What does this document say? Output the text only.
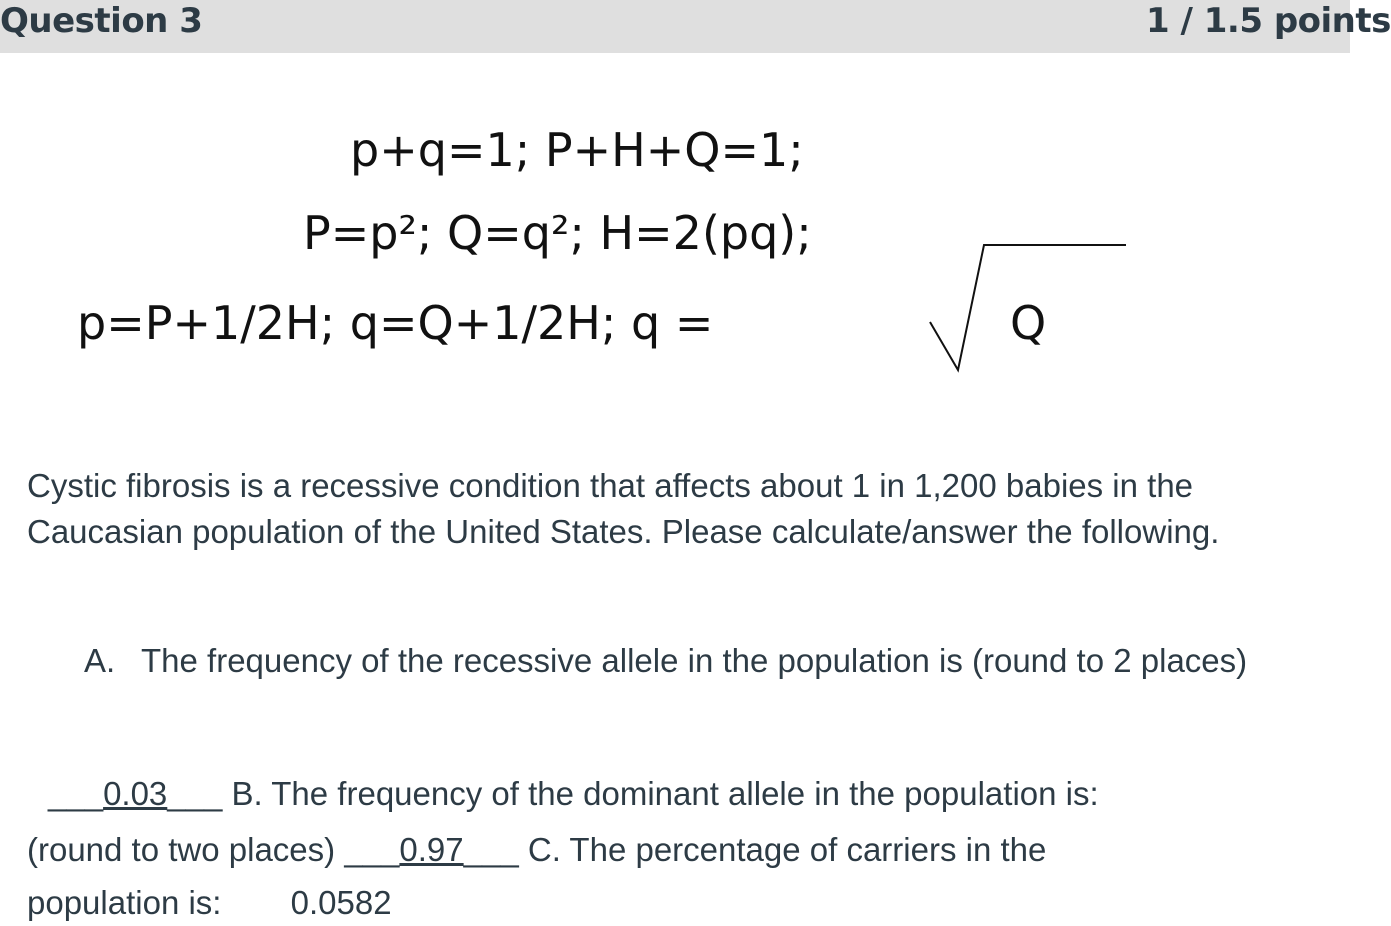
Question 3	1 / 1.5 points
p+q=1; P+H+Q=1;
P=p²; Q=q²; H=2(pq);
p=P+1/2H; q=Q+1/2H; q =	Q
Cystic fibrosis is a recessive condition that affects about 1 in 1,200 babies in the Caucasian population of the United States. Please calculate/answer the following.
A. The frequency of the recessive allele in the population is (round to 2 places)
___0.03___ B. The frequency of the dominant allele in the population is:
(round to two places) ___0.97___ C. The percentage of carriers in the
population is: 0.0582
